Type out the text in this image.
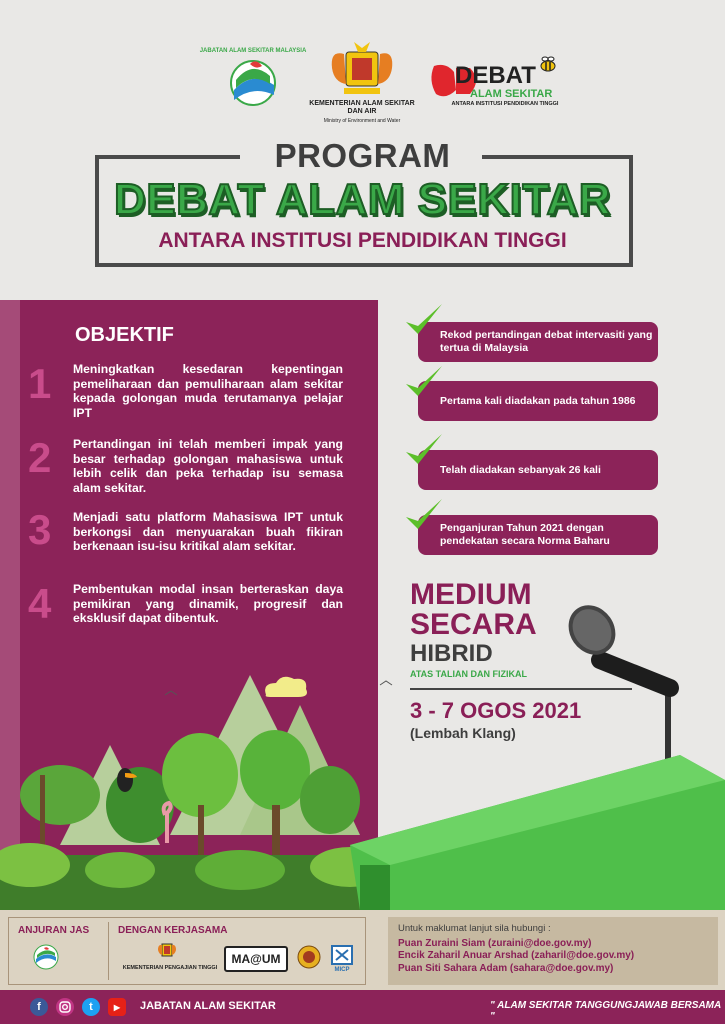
JABATAN ALAM SEKITAR MALAYSIA
KEMENTERIAN ALAM SEKITAR DAN AIR
Ministry of Environment and Water
DEBAT
ALAM SEKITAR
ANTARA INSTITUSI PENDIDIKAN TINGGI
PROGRAM
DEBAT ALAM SEKITAR
ANTARA INSTITUSI PENDIDIKAN TINGGI
OBJEKTIF
1 Meningkatkan kesedaran kepentingan pemeliharaan dan pemuliharaan alam sekitar kepada golongan muda terutamanya pelajar IPT
2 Pertandingan ini telah memberi impak yang besar terhadap golongan mahasiswa untuk lebih celik dan peka terhadap isu semasa alam sekitar.
3 Menjadi satu platform Mahasiswa IPT untuk berkongsi dan menyuarakan buah fikiran berkenaan isu-isu kritikal alam sekitar.
4 Pembentukan modal insan berteraskan daya pemikiran yang dinamik, progresif dan eksklusif dapat dibentuk.
Rekod pertandingan debat intervasiti yang tertua di Malaysia
Pertama kali diadakan pada tahun 1986
Telah diadakan sebanyak 26 kali
Penganjuran Tahun 2021 dengan pendekatan secara Norma Baharu
MEDIUM
SECARA
HIBRID
ATAS TALIAN DAN FIZIKAL
3 - 7 OGOS 2021
(Lembah Klang)
ANJURAN JAS	DENGAN KERJASAMA
KEMENTERIAN PENGAJIAN TINGGI
MA@UM
MICP
Untuk maklumat lanjut sila hubungi :
Puan Zuraini Siam (zuraini@doe.gov.my)
Encik Zaharil Anuar Arshad (zaharil@doe.gov.my)
Puan Siti Sahara Adam (sahara@doe.gov.my)
f	t	▶	JABATAN ALAM SEKITAR	" ALAM SEKITAR TANGGUNGJAWAB BERSAMA "
